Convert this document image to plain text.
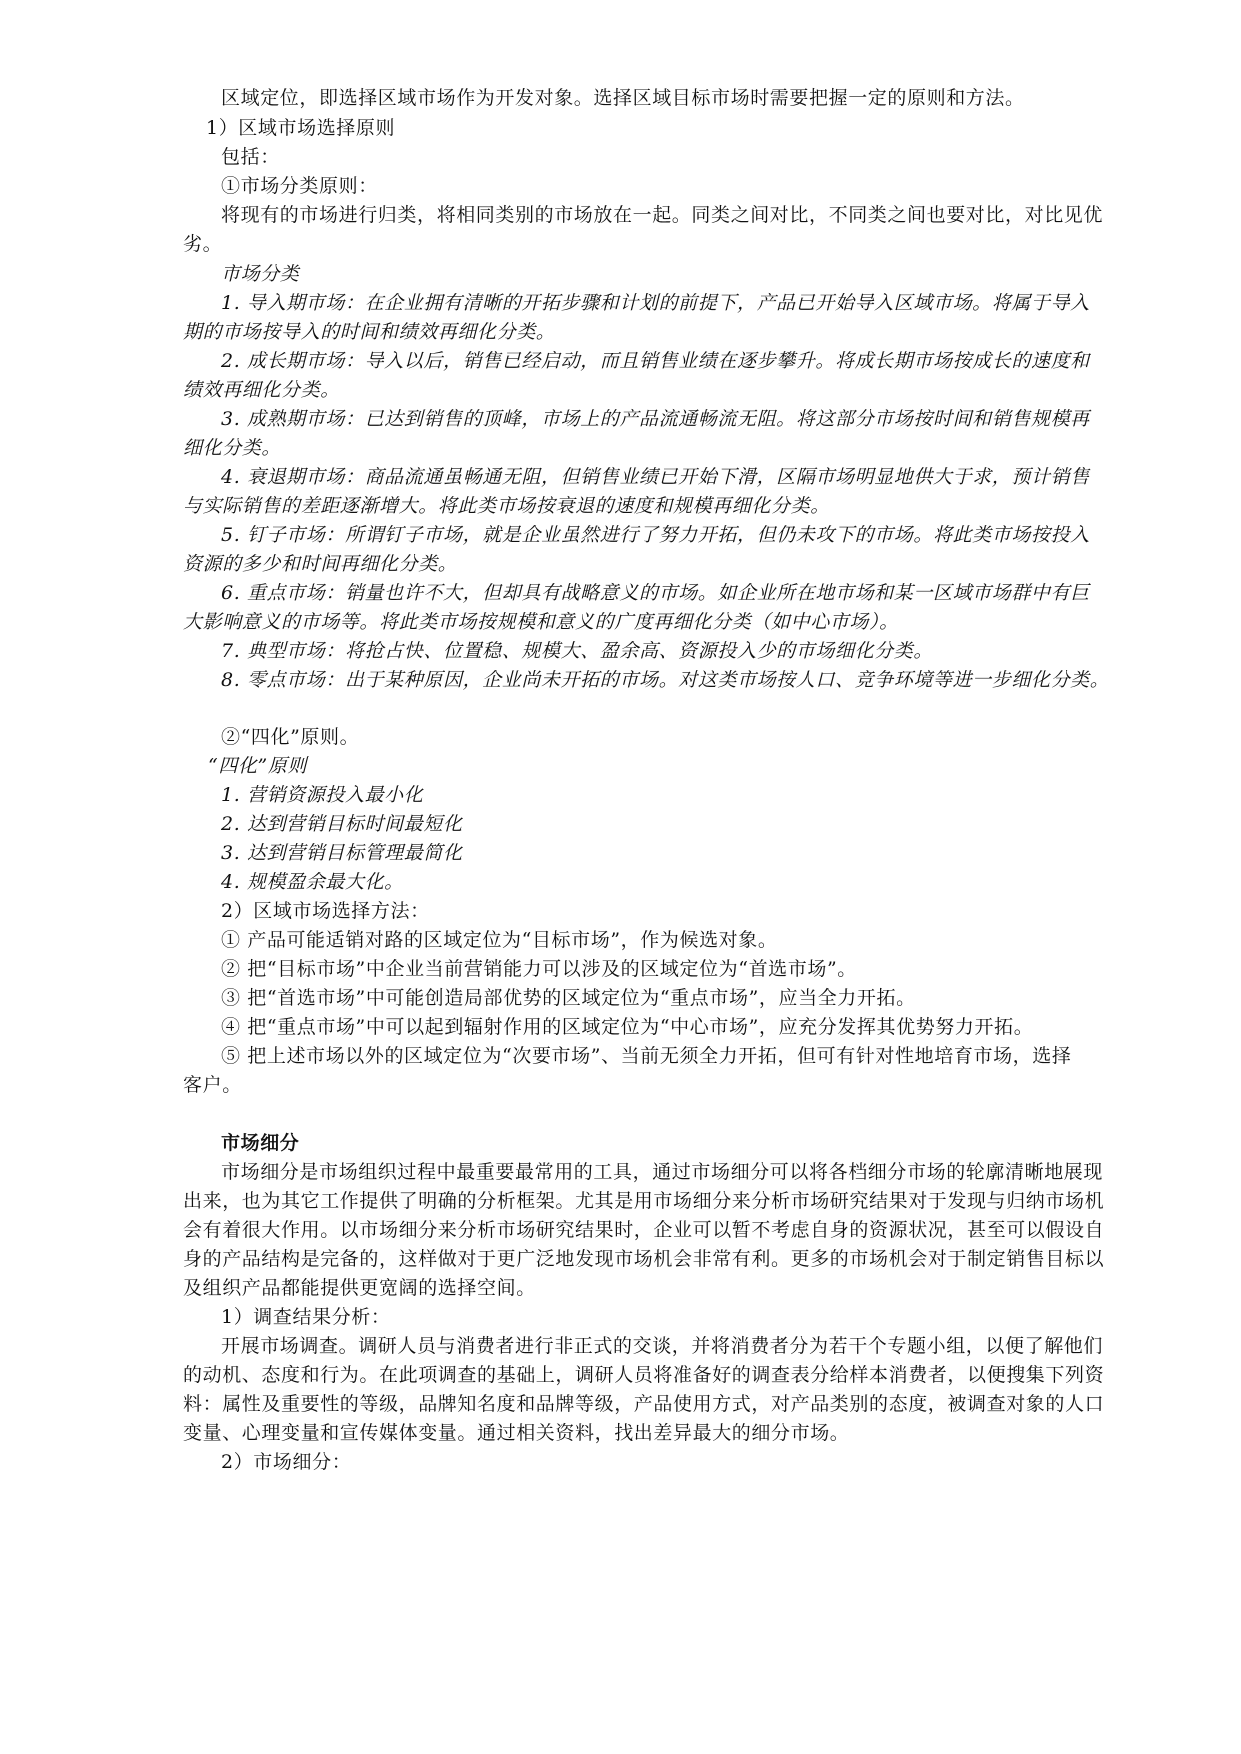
区域定位，即选择区域市场作为开发对象。选择区域目标市场时需要把握一定的原则和方法。
1）区域市场选择原则
包括：
①市场分类原则：
将现有的市场进行归类，将相同类别的市场放在一起。同类之间对比，不同类之间也要对比，对比见优
劣。
市场分类
1. 导入期市场：在企业拥有清晰的开拓步骤和计划的前提下，产品已开始导入区域市场。将属于导入
期的市场按导入的时间和绩效再细化分类。
2. 成长期市场：导入以后，销售已经启动，而且销售业绩在逐步攀升。将成长期市场按成长的速度和
绩效再细化分类。
3. 成熟期市场：已达到销售的顶峰，市场上的产品流通畅流无阻。将这部分市场按时间和销售规模再
细化分类。
4. 衰退期市场：商品流通虽畅通无阻，但销售业绩已开始下滑，区隔市场明显地供大于求，预计销售
与实际销售的差距逐渐增大。将此类市场按衰退的速度和规模再细化分类。
5. 钉子市场：所谓钉子市场，就是企业虽然进行了努力开拓，但仍未攻下的市场。将此类市场按投入
资源的多少和时间再细化分类。
6. 重点市场：销量也许不大，但却具有战略意义的市场。如企业所在地市场和某一区域市场群中有巨
大影响意义的市场等。将此类市场按规模和意义的广度再细化分类（如中心市场）。
7. 典型市场：将抢占快、位置稳、规模大、盈余高、资源投入少的市场细化分类。
8. 零点市场：出于某种原因，企业尚未开拓的市场。对这类市场按人口、竞争环境等进一步细化分类。
②“四化”原则。
“四化”原则
1. 营销资源投入最小化
2. 达到营销目标时间最短化
3. 达到营销目标管理最简化
4. 规模盈余最大化。
2）区域市场选择方法：
① 产品可能适销对路的区域定位为“目标市场”，作为候选对象。
② 把“目标市场”中企业当前营销能力可以涉及的区域定位为“首选市场”。
③ 把“首选市场”中可能创造局部优势的区域定位为“重点市场”，应当全力开拓。
④ 把“重点市场”中可以起到辐射作用的区域定位为“中心市场”，应充分发挥其优势努力开拓。
⑤ 把上述市场以外的区域定位为“次要市场”、当前无须全力开拓，但可有针对性地培育市场，选择
客户。
市场细分
市场细分是市场组织过程中最重要最常用的工具，通过市场细分可以将各档细分市场的轮廓清晰地展现
出来，也为其它工作提供了明确的分析框架。尤其是用市场细分来分析市场研究结果对于发现与归纳市场机
会有着很大作用。以市场细分来分析市场研究结果时，企业可以暂不考虑自身的资源状况，甚至可以假设自
身的产品结构是完备的，这样做对于更广泛地发现市场机会非常有利。更多的市场机会对于制定销售目标以
及组织产品都能提供更宽阔的选择空间。
1）调查结果分析：
开展市场调查。调研人员与消费者进行非正式的交谈，并将消费者分为若干个专题小组，以便了解他们
的动机、态度和行为。在此项调查的基础上，调研人员将准备好的调查表分给样本消费者，以便搜集下列资
料：属性及重要性的等级，品牌知名度和品牌等级，产品使用方式，对产品类别的态度，被调查对象的人口
变量、心理变量和宣传媒体变量。通过相关资料，找出差异最大的细分市场。
2）市场细分：
